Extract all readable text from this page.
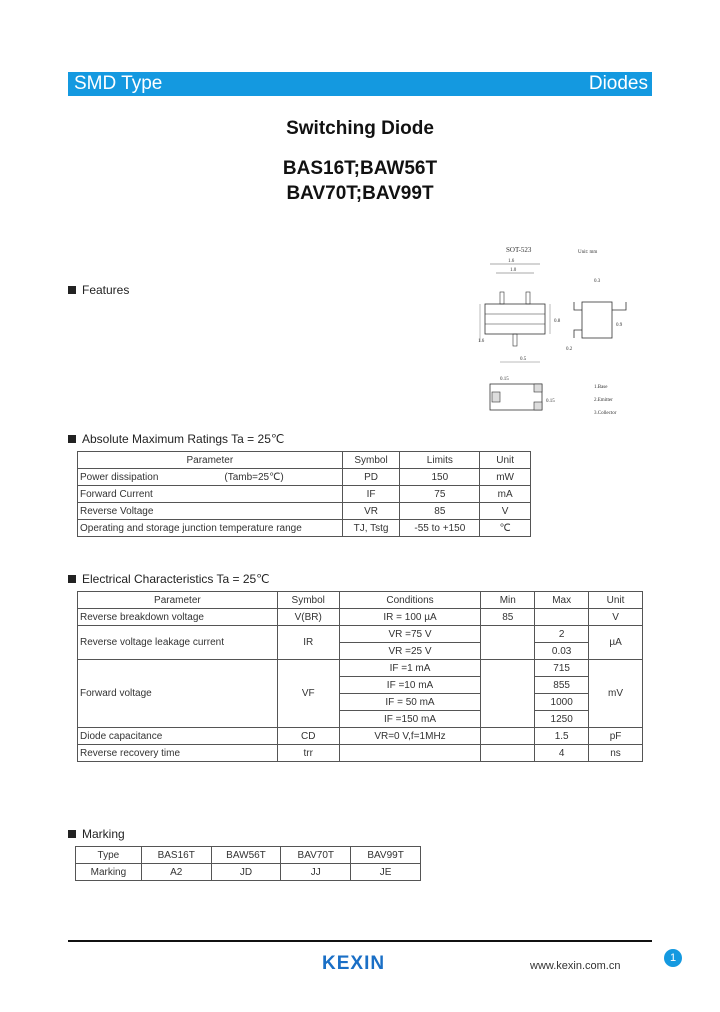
SMD Type	Diodes
Switching Diode
BAS16T;BAW56T
BAV70T;BAV99T
SOT-523	Unit: mm
1.6
1.0
0.8
0.5
0.3
0.9
0.2
0.15
0.15
1.Base
2.Emitter
3.Collector
1.6
Features
Absolute Maximum Ratings Ta = 25℃
Electrical Characteristics Ta = 25℃
Marking
Parameter	Symbol	Limits	Unit
Power dissipation (Tamb=25℃)	PD	150	mW
Forward Current	IF	75	mA
Reverse Voltage	VR	85	V
Operating and storage junction temperature range	TJ, Tstg	-55 to +150	℃
Parameter	Symbol	Conditions	Min	Max	Unit
Reverse breakdown voltage	V(BR)	IR = 100 µA	85		V
Reverse voltage leakage current	IR	VR =75 V		2	µA
		VR =25 V		0.03	
Forward voltage	VF	IF =1 mA		715	mV
		IF =10 mA		855	
		IF = 50 mA		1000	
		IF =150 mA		1250	
Diode capacitance	CD	VR=0 V,f=1MHz		1.5	pF
Reverse recovery time	trr			4	ns
Type	BAS16T	BAW56T	BAV70T	BAV99T
Marking	A2	JD	JJ	JE
KEXIN	www.kexin.com.cn
1
